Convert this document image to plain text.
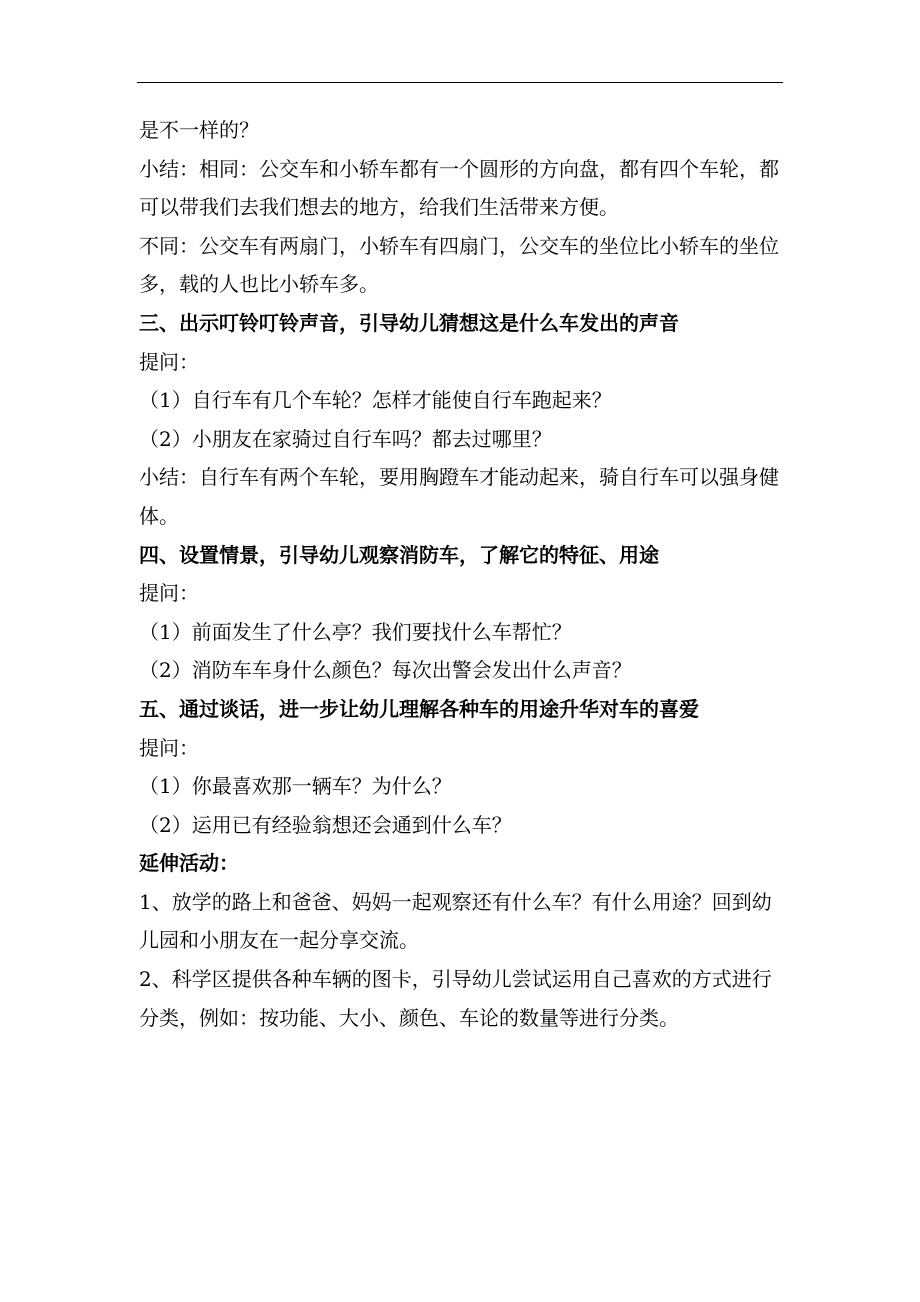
是不一样的？

小结：相同：公交车和小轿车都有一个圆形的方向盘，都有四个车轮，都可以带我们去我们想去的地方，给我们生活带来方便。

不同：公交车有两扇门，小轿车有四扇门，公交车的坐位比小轿车的坐位多，载的人也比小轿车多。

三、出示叮铃叮铃声音，引导幼儿猜想这是什么车发出的声音

提问：

（1）自行车有几个车轮？怎样才能使自行车跑起来？

（2）小朋友在家骑过自行车吗？都去过哪里？

小结：自行车有两个车轮，要用胸蹬车才能动起来，骑自行车可以强身健体。

四、设置情景，引导幼儿观察消防车，了解它的特征、用途

提问：

（1）前面发生了什么亭？我们要找什么车帮忙？

（2）消防车车身什么颜色？每次出警会发出什么声音？

五、通过谈话，进一步让幼儿理解各种车的用途升华对车的喜爱

提问：

（1）你最喜欢那一辆车？为什么？

（2）运用已有经验翁想还会通到什么车？

延伸活动：

1、放学的路上和爸爸、妈妈一起观察还有什么车？有什么用途？回到幼儿园和小朋友在一起分享交流。

2、科学区提供各种车辆的图卡，引导幼儿尝试运用自己喜欢的方式进行分类，例如：按功能、大小、颜色、车论的数量等进行分类。
